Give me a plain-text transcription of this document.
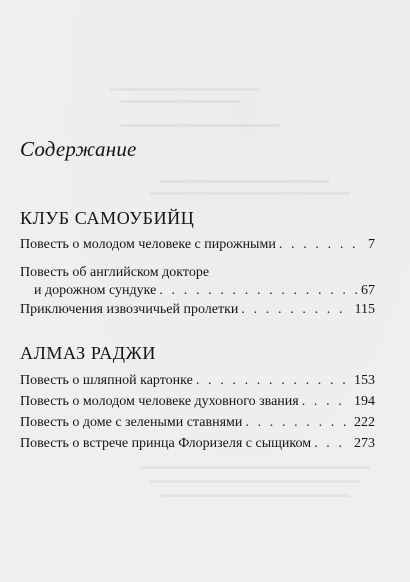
Содержание
КЛУБ САМОУБИЙЦ
Повесть о молодом человеке с пирожными . . .	7
Повесть об английском докторе
и дорожном сундуке . . .	67
Приключения извозчичьей пролетки . . .	115
АЛМАЗ РАДЖИ
Повесть о шляпной картонке . . .	153
Повесть о молодом человеке духовного звания . . .	194
Повесть о доме с зелеными ставнями . . .	222
Повесть о встрече принца Флоризеля с сыщиком . . .	273
